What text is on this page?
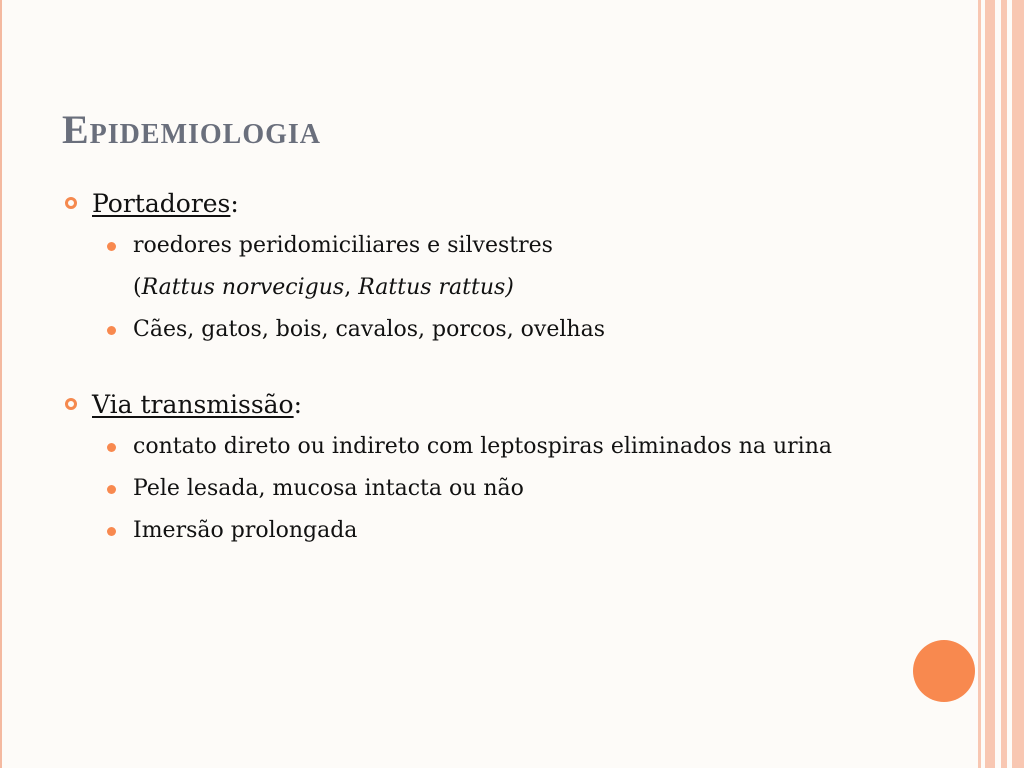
Epidemiologia
Portadores:
roedores peridomiciliares e silvestres
(Rattus norvecigus, Rattus rattus)
Cães, gatos, bois, cavalos, porcos, ovelhas
Via transmissão:
contato direto ou indireto com leptospiras eliminados na urina
Pele lesada, mucosa intacta ou não
Imersão prolongada
